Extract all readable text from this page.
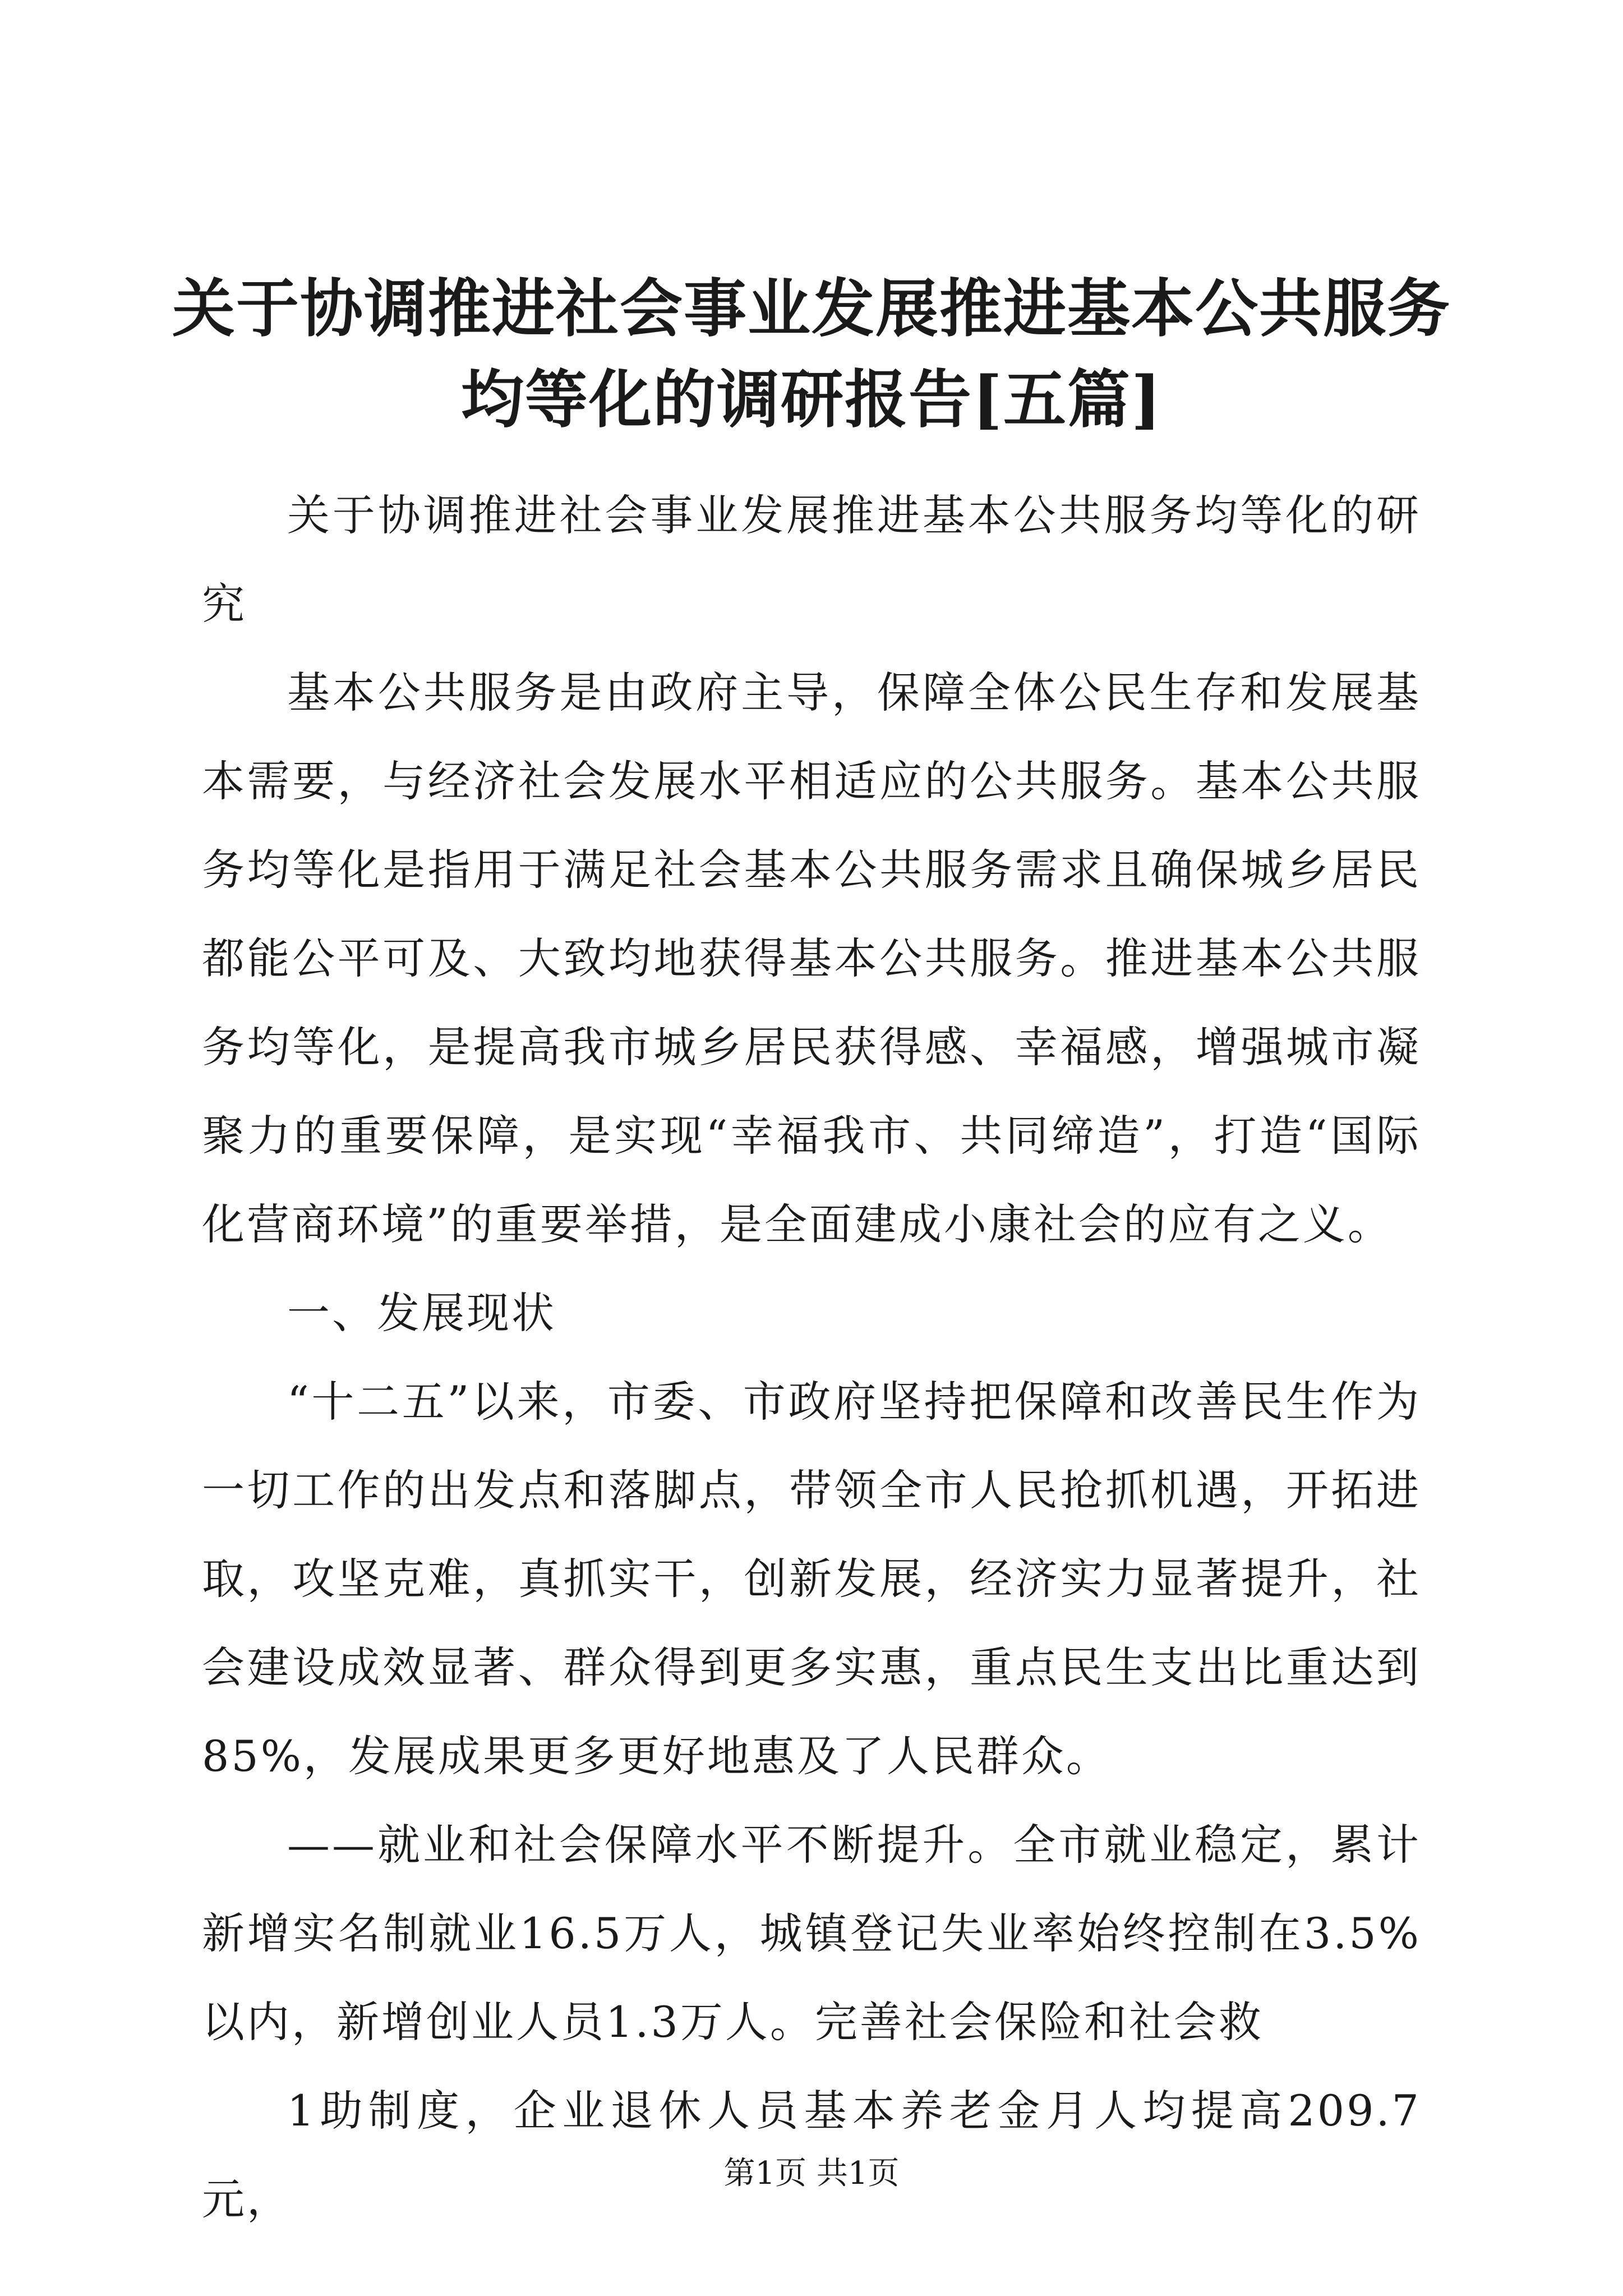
关于协调推进社会事业发展推进基本公共服务
均等化的调研报告[五篇]

关于协调推进社会事业发展推进基本公共服务均等化的研究

基本公共服务是由政府主导，保障全体公民生存和发展基本需要，与经济社会发展水平相适应的公共服务。基本公共服务均等化是指用于满足社会基本公共服务需求且确保城乡居民都能公平可及、大致均地获得基本公共服务。推进基本公共服务均等化，是提高我市城乡居民获得感、幸福感，增强城市凝聚力的重要保障，是实现“幸福我市、共同缔造”，打造“国际化营商环境”的重要举措，是全面建成小康社会的应有之义。

一、发展现状

“十二五”以来，市委、市政府坚持把保障和改善民生作为一切工作的出发点和落脚点，带领全市人民抢抓机遇，开拓进取，攻坚克难，真抓实干，创新发展，经济实力显著提升，社会建设成效显著、群众得到更多实惠，重点民生支出比重达到85%，发展成果更多更好地惠及了人民群众。

——就业和社会保障水平不断提升。全市就业稳定，累计新增实名制就业16.5万人，城镇登记失业率始终控制在3.5%以内，新增创业人员1.3万人。完善社会保险和社会救

1助制度，企业退休人员基本养老金月人均提高209.7元，

第1页 共1页
